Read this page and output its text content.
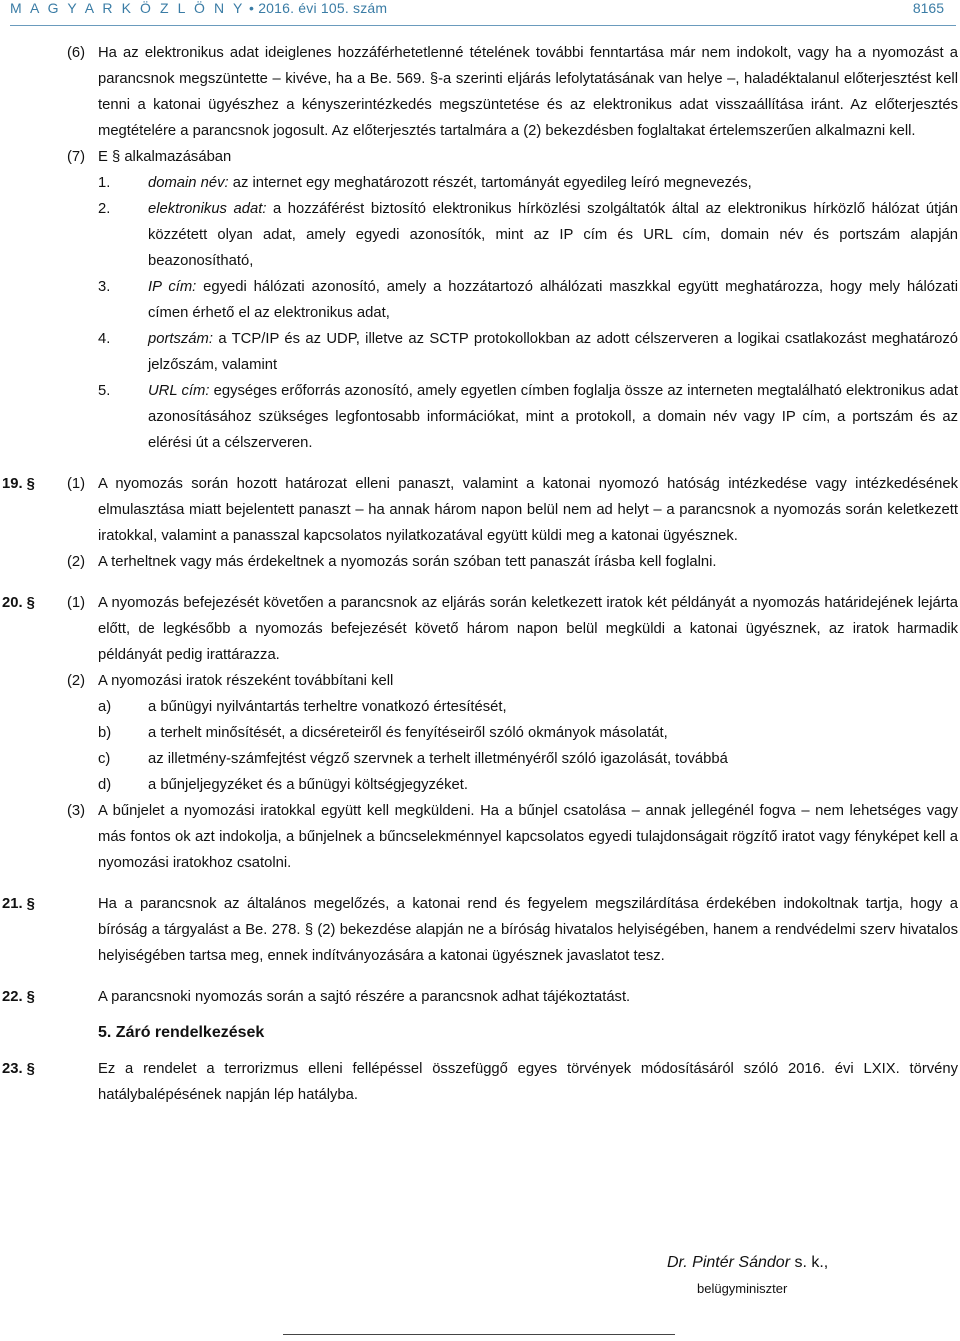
M A G Y A R K Ö Z L Ö N Y • 2016. évi 105. szám	8165
(6) Ha az elektronikus adat ideiglenes hozzáférhetetlenné tételének további fenntartása már nem indokolt, vagy ha a nyomozást a parancsnok megszüntette – kivéve, ha a Be. 569. §-a szerinti eljárás lefolytatásának van helye –, haladéktalanul előterjesztést kell tenni a katonai ügyészhez a kényszerintézkedés megszüntetése és az elektronikus adat visszaállítása iránt. Az előterjesztés megtételére a parancsnok jogosult. Az előterjesztés tartalmára a (2) bekezdésben foglaltakat értelemszerűen alkalmazni kell.
(7) E § alkalmazásában
1.	domain név: az internet egy meghatározott részét, tartományát egyedileg leíró megnevezés,
2.	elektronikus adat: a hozzáférést biztosító elektronikus hírközlési szolgáltatók által az elektronikus hírközlő hálózat útján közzétett olyan adat, amely egyedi azonosítók, mint az IP cím és URL cím, domain név és portszám alapján beazonosítható,
3.	IP cím: egyedi hálózati azonosító, amely a hozzátartozó alhálózati maszkkal együtt meghatározza, hogy mely hálózati címen érhető el az elektronikus adat,
4.	portszám: a TCP/IP és az UDP, illetve az SCTP protokollokban az adott célszerveren a logikai csatlakozást meghatározó jelzőszám, valamint
5.	URL cím: egységes erőforrás azonosító, amely egyetlen címben foglalja össze az interneten megtalálható elektronikus adat azonosításához szükséges legfontosabb információkat, mint a protokoll, a domain név vagy IP cím, a portszám és az elérési út a célszerveren.
19. § (1) A nyomozás során hozott határozat elleni panaszt, valamint a katonai nyomozó hatóság intézkedése vagy intézkedésének elmulasztása miatt bejelentett panaszt – ha annak három napon belül nem ad helyt – a parancsnok a nyomozás során keletkezett iratokkal, valamint a panasszal kapcsolatos nyilatkozatával együtt küldi meg a katonai ügyésznek.
(2) A terheltnek vagy más érdekeltnek a nyomozás során szóban tett panaszát írásba kell foglalni.
20. § (1) A nyomozás befejezését követően a parancsnok az eljárás során keletkezett iratok két példányát a nyomozás határidejének lejárta előtt, de legkésőbb a nyomozás befejezését követő három napon belül megküldi a katonai ügyésznek, az iratok harmadik példányát pedig irattárazza.
(2) A nyomozási iratok részeként továbbítani kell
a) a bűnügyi nyilvántartás terheltre vonatkozó értesítését,
b) a terhelt minősítését, a dicséreteiről és fenyítéseiről szóló okmányok másolatát,
c)	az illetmény-számfejtést végző szervnek a terhelt illetményéről szóló igazolását, továbbá
d) a bűnjeljegyzéket és a bűnügyi költségjegyzéket.
(3) A bűnjelet a nyomozási iratokkal együtt kell megküldeni. Ha a bűnjel csatolása – annak jellegénél fogva – nem lehetséges vagy más fontos ok azt indokolja, a bűnjelnek a bűncselekménnyel kapcsolatos egyedi tulajdonságait rögzítő iratot vagy fényképet kell a nyomozási iratokhoz csatolni.
21. §	Ha a parancsnok az általános megelőzés, a katonai rend és fegyelem megszilárdítása érdekében indokoltnak tartja, hogy a bíróság a tárgyalást a Be. 278. § (2) bekezdése alapján ne a bíróság hivatalos helyiségében, hanem a rendvédelmi szerv hivatalos helyiségében tartsa meg, ennek indítványozására a katonai ügyésznek javaslatot tesz.
22. §	A parancsnoki nyomozás során a sajtó részére a parancsnok adhat tájékoztatást.
5. Záró rendelkezések
23. §	Ez a rendelet a terrorizmus elleni fellépéssel összefüggő egyes törvények módosításáról szóló 2016. évi LXIX. törvény hatálybalépésének napján lép hatályba.
Dr. Pintér Sándor s. k.,
belügyminiszter
